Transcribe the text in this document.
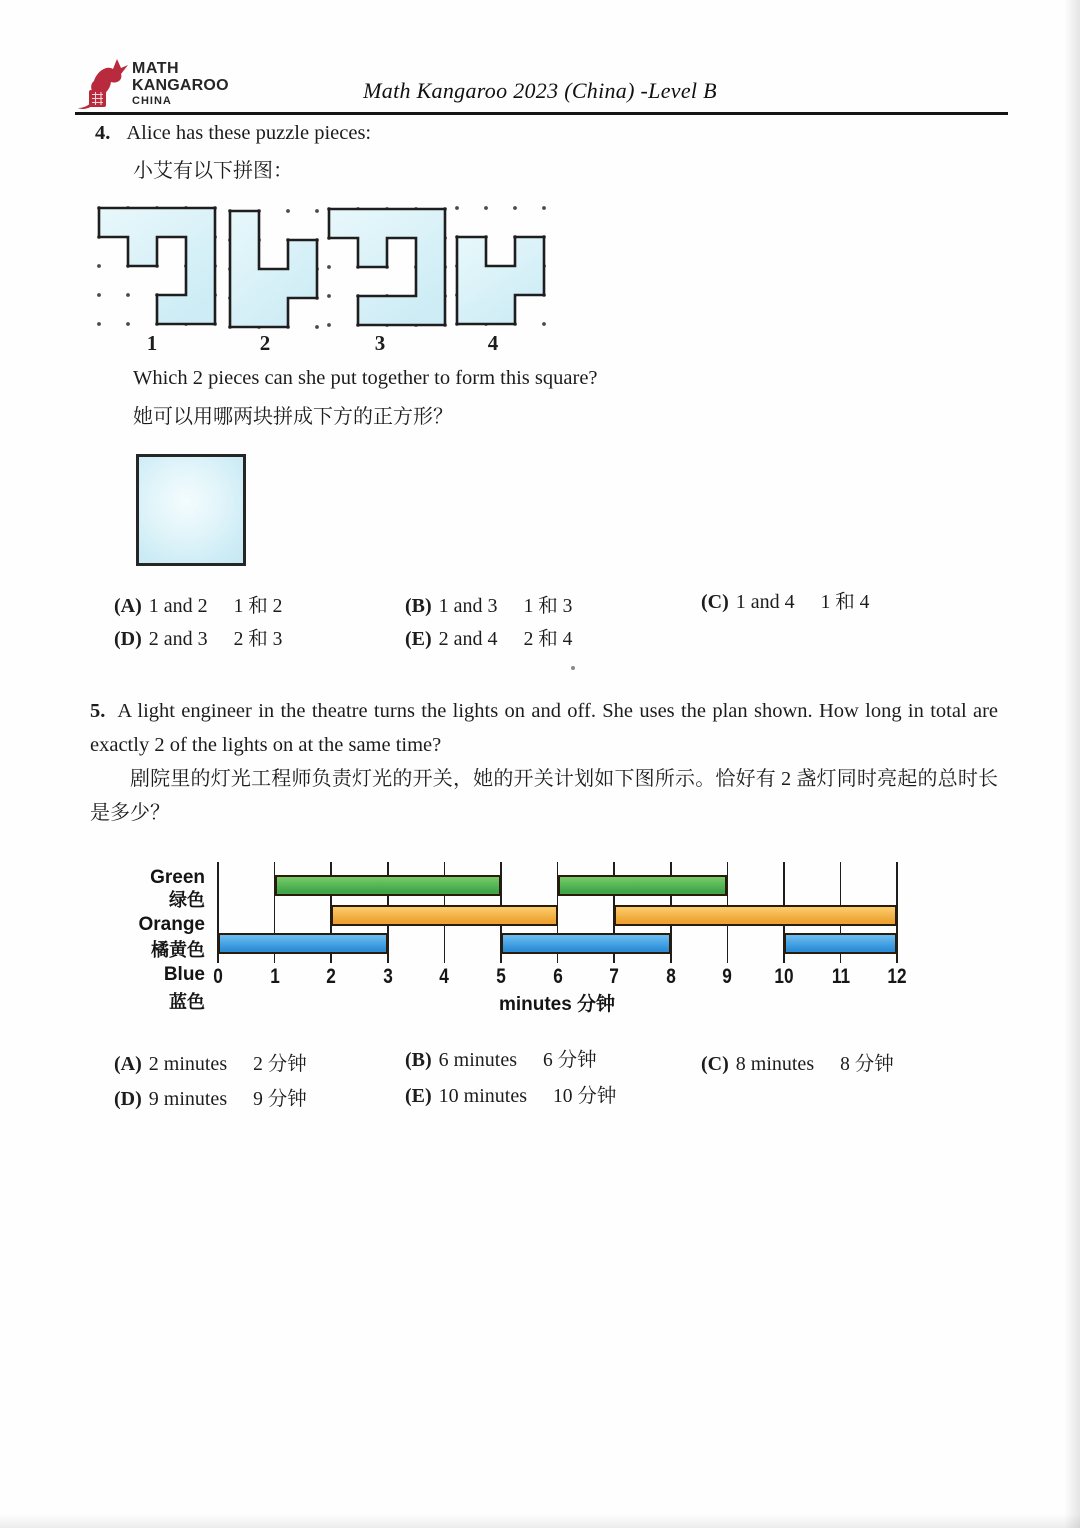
MATH
KANGAROO
CHINA	Math Kangaroo 2023 (China) -Level B
4. Alice has these puzzle pieces:
小艾有以下拼图：
1	2	3	4
Which 2 pieces can she put together to form this square?
她可以用哪两块拼成下方的正方形？
(A) 1 and 2 1 和 2	(B) 1 and 3 1 和 3	(C) 1 and 4 1 和 4
(D) 2 and 3 2 和 3	(E) 2 and 4 2 和 4
5. A light engineer in the theatre turns the lights on and off. She uses the plan shown. How long in total are exactly 2 of the lights on at the same time?
剧院里的灯光工程师负责灯光的开关，她的开关计划如下图所示。恰好有 2 盏灯同时亮起的总时长是多少？
Green
绿色
Orange
橘黄色
Blue
蓝色	minutes 分钟
0	1	2	3	4	5	6	7	8	9	10 11 12
(A) 2 minutes 2 分钟	(B) 6 minutes 6 分钟	(C) 8 minutes 8 分钟
(D) 9 minutes 9 分钟	(E) 10 minutes 10 分钟
